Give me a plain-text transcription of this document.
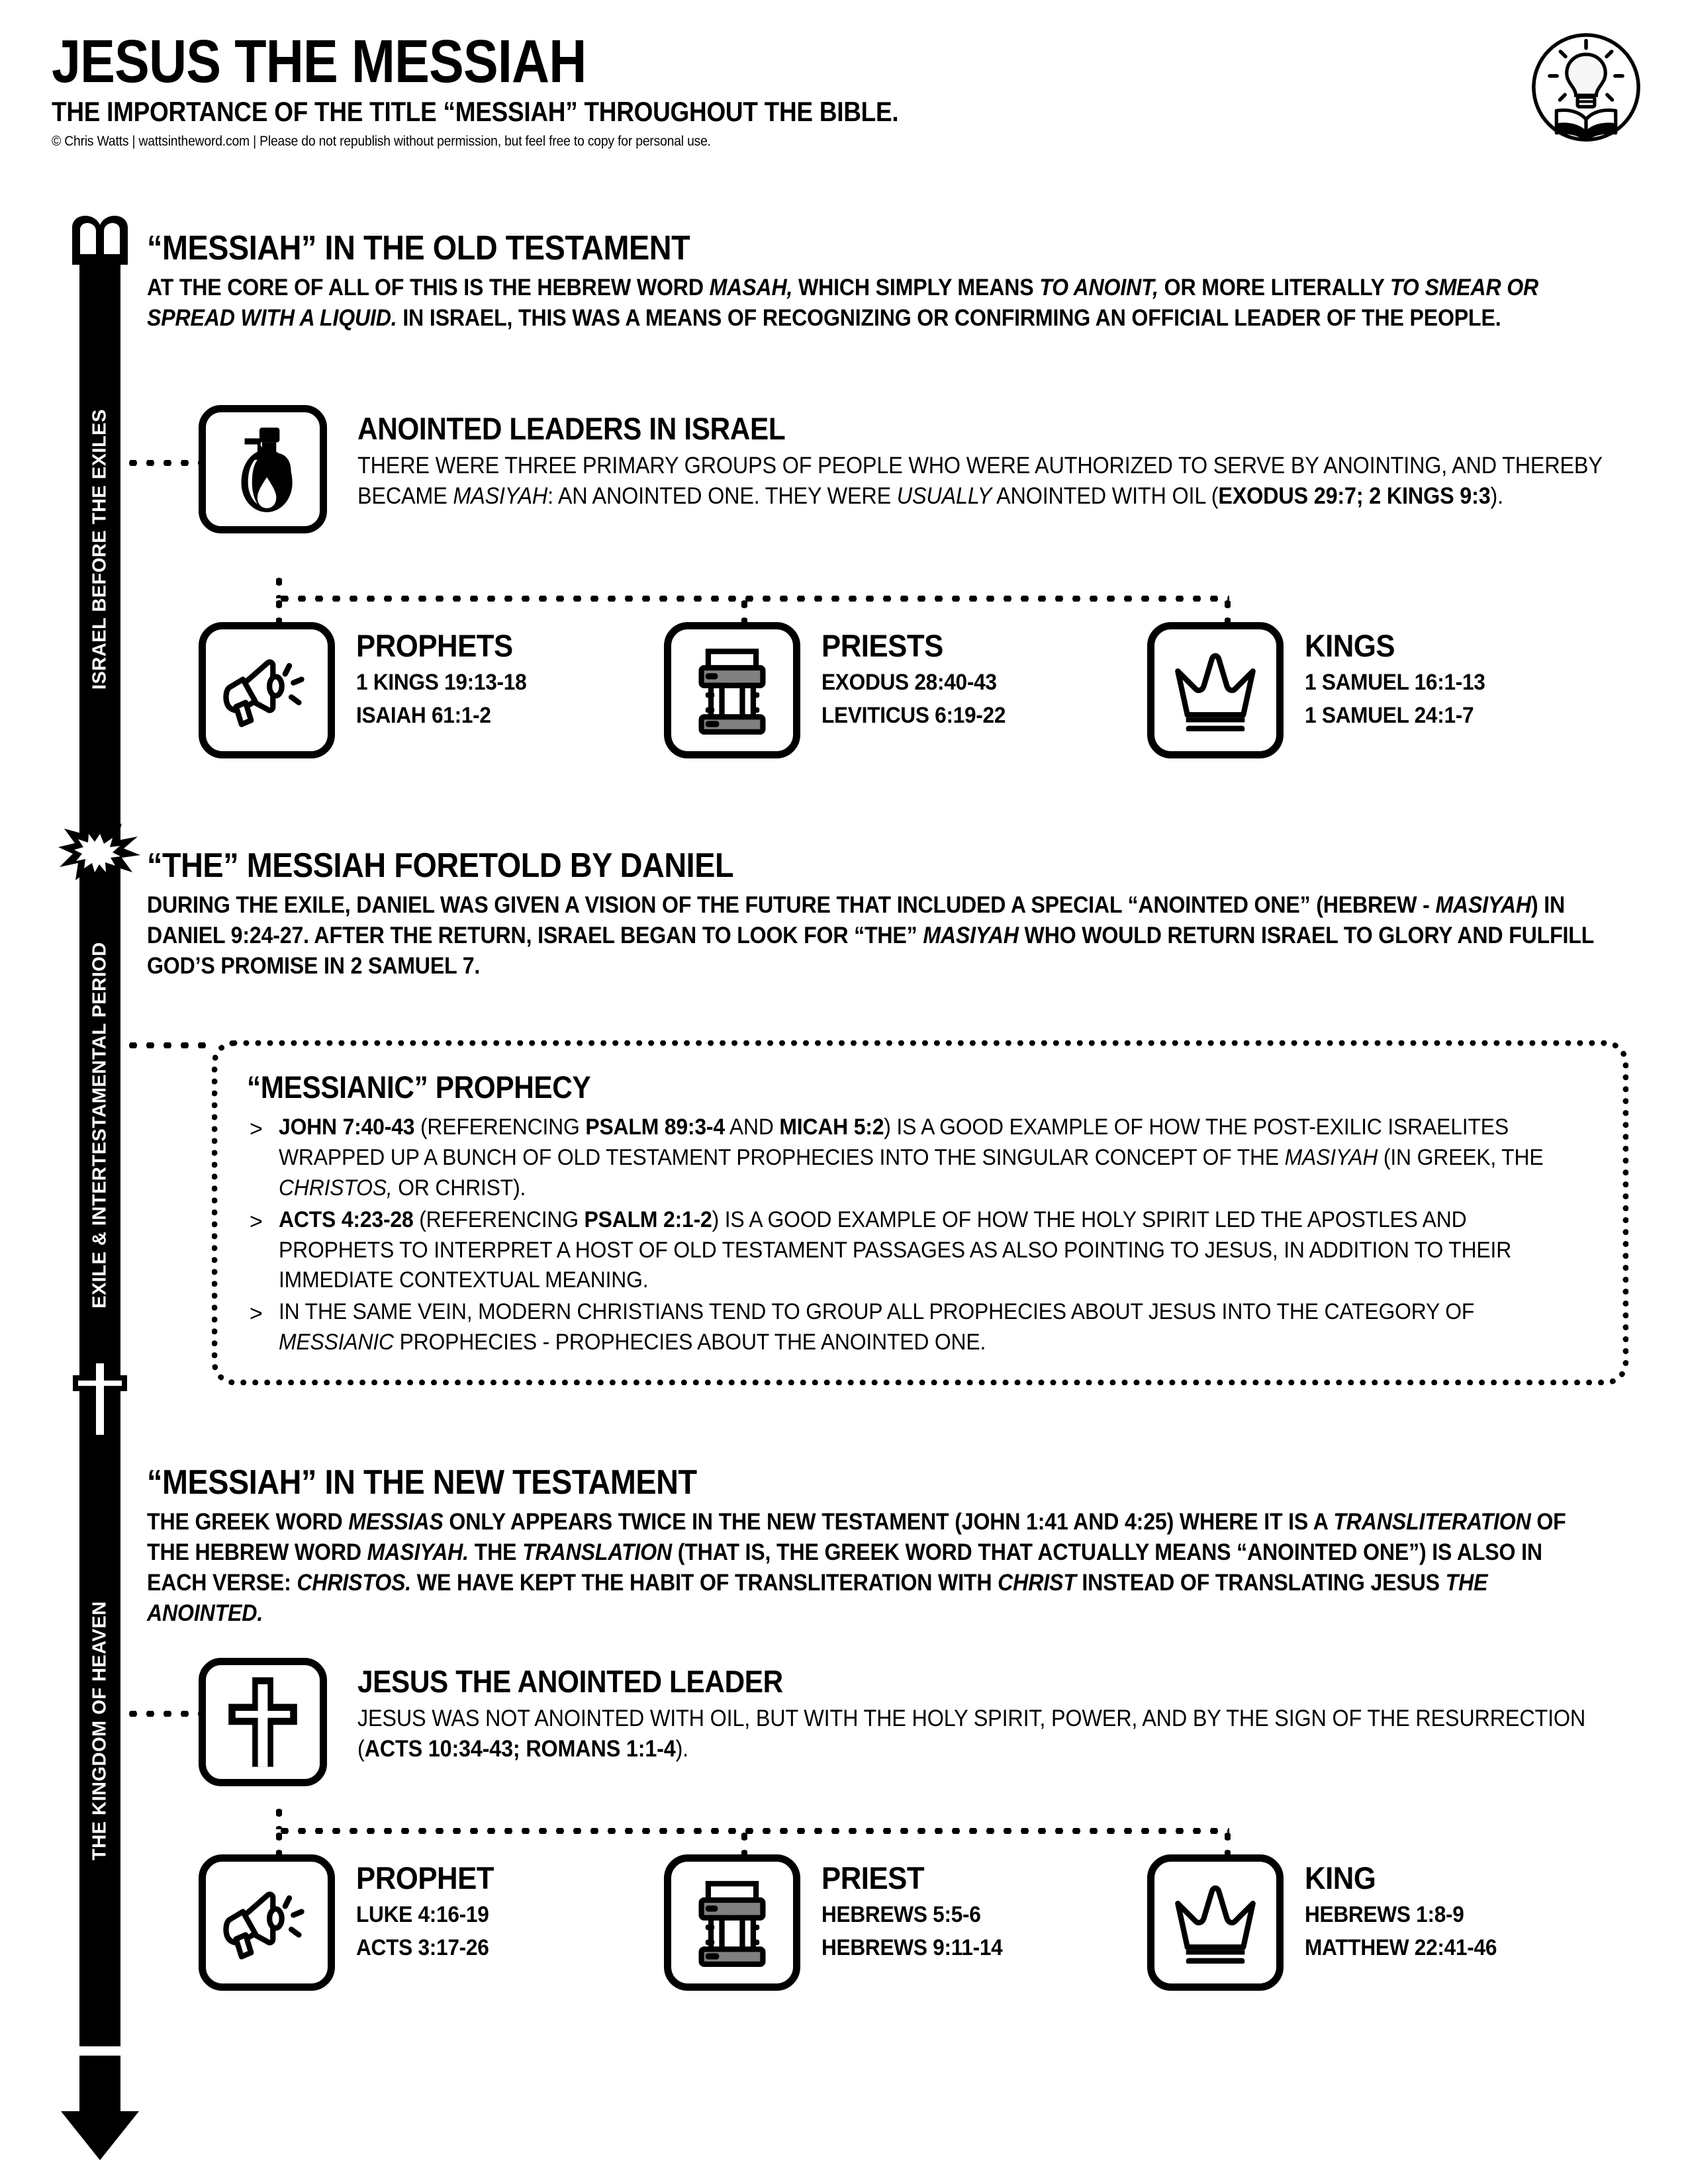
JESUS THE MESSIAH
THE IMPORTANCE OF THE TITLE “MESSIAH” THROUGHOUT THE BIBLE.
© Chris Watts | wattsintheword.com | Please do not republish without permission, but feel free to copy for personal use.
ISRAEL BEFORE THE EXILES
EXILE & INTERTESTAMENTAL PERIOD
THE KINGDOM OF HEAVEN
“MESSIAH” IN THE OLD TESTAMENT
AT THE CORE OF ALL OF THIS IS THE HEBREW WORD MASAH, WHICH SIMPLY MEANS TO ANOINT, OR MORE LITERALLY TO SMEAR OR SPREAD WITH A LIQUID. IN ISRAEL, THIS WAS A MEANS OF RECOGNIZING OR CONFIRMING AN OFFICIAL LEADER OF THE PEOPLE.
ANOINTED LEADERS IN ISRAEL
THERE WERE THREE PRIMARY GROUPS OF PEOPLE WHO WERE AUTHORIZED TO SERVE BY ANOINTING, AND THEREBY BECAME MASIYAH: AN ANOINTED ONE. THEY WERE USUALLY ANOINTED WITH OIL (EXODUS 29:7; 2 KINGS 9:3).
PROPHETS
1 KINGS 19:13-18
ISAIAH 61:1-2
PRIESTS
EXODUS 28:40-43
LEVITICUS 6:19-22
KINGS
1 SAMUEL 16:1-13
1 SAMUEL 24:1-7
“THE” MESSIAH FORETOLD BY DANIEL
DURING THE EXILE, DANIEL WAS GIVEN A VISION OF THE FUTURE THAT INCLUDED A SPECIAL “ANOINTED ONE” (HEBREW - MASIYAH) IN DANIEL 9:24-27. AFTER THE RETURN, ISRAEL BEGAN TO LOOK FOR “THE” MASIYAH WHO WOULD RETURN ISRAEL TO GLORY AND FULFILL GOD’S PROMISE IN 2 SAMUEL 7.
“MESSIANIC” PROPHECY
> JOHN 7:40-43 (REFERENCING PSALM 89:3-4 AND MICAH 5:2) IS A GOOD EXAMPLE OF HOW THE POST-EXILIC ISRAELITES WRAPPED UP A BUNCH OF OLD TESTAMENT PROPHECIES INTO THE SINGULAR CONCEPT OF THE MASIYAH (IN GREEK, THE CHRISTOS, OR CHRIST).
> ACTS 4:23-28 (REFERENCING PSALM 2:1-2) IS A GOOD EXAMPLE OF HOW THE HOLY SPIRIT LED THE APOSTLES AND PROPHETS TO INTERPRET A HOST OF OLD TESTAMENT PASSAGES AS ALSO POINTING TO JESUS, IN ADDITION TO THEIR IMMEDIATE CONTEXTUAL MEANING.
> IN THE SAME VEIN, MODERN CHRISTIANS TEND TO GROUP ALL PROPHECIES ABOUT JESUS INTO THE CATEGORY OF MESSIANIC PROPHECIES - PROPHECIES ABOUT THE ANOINTED ONE.
“MESSIAH” IN THE NEW TESTAMENT
THE GREEK WORD MESSIAS ONLY APPEARS TWICE IN THE NEW TESTAMENT (JOHN 1:41 AND 4:25) WHERE IT IS A TRANSLITERATION OF THE HEBREW WORD MASIYAH. THE TRANSLATION (THAT IS, THE GREEK WORD THAT ACTUALLY MEANS “ANOINTED ONE”) IS ALSO IN EACH VERSE: CHRISTOS. WE HAVE KEPT THE HABIT OF TRANSLITERATION WITH CHRIST INSTEAD OF TRANSLATING JESUS THE ANOINTED.
JESUS THE ANOINTED LEADER
JESUS WAS NOT ANOINTED WITH OIL, BUT WITH THE HOLY SPIRIT, POWER, AND BY THE SIGN OF THE RESURRECTION (ACTS 10:34-43; ROMANS 1:1-4).
PROPHET
LUKE 4:16-19
ACTS 3:17-26
PRIEST
HEBREWS 5:5-6
HEBREWS 9:11-14
KING
HEBREWS 1:8-9
MATTHEW 22:41-46
